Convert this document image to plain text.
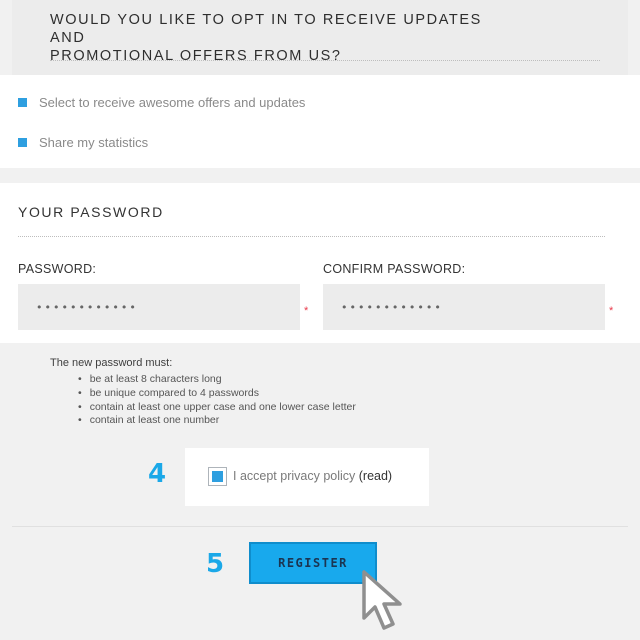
WOULD YOU LIKE TO OPT IN TO RECEIVE UPDATES AND
PROMOTIONAL OFFERS FROM US?
Select to receive awesome offers and updates
Share my statistics
YOUR PASSWORD
PASSWORD:
••••••••••••
*
CONFIRM PASSWORD:
••••••••••••
*
The new password must:
• be at least 8 characters long
• be unique compared to 4 passwords
• contain at least one upper case and one lower case letter
• contain at least one number
4	I accept privacy policy (read)
5	REGISTER
